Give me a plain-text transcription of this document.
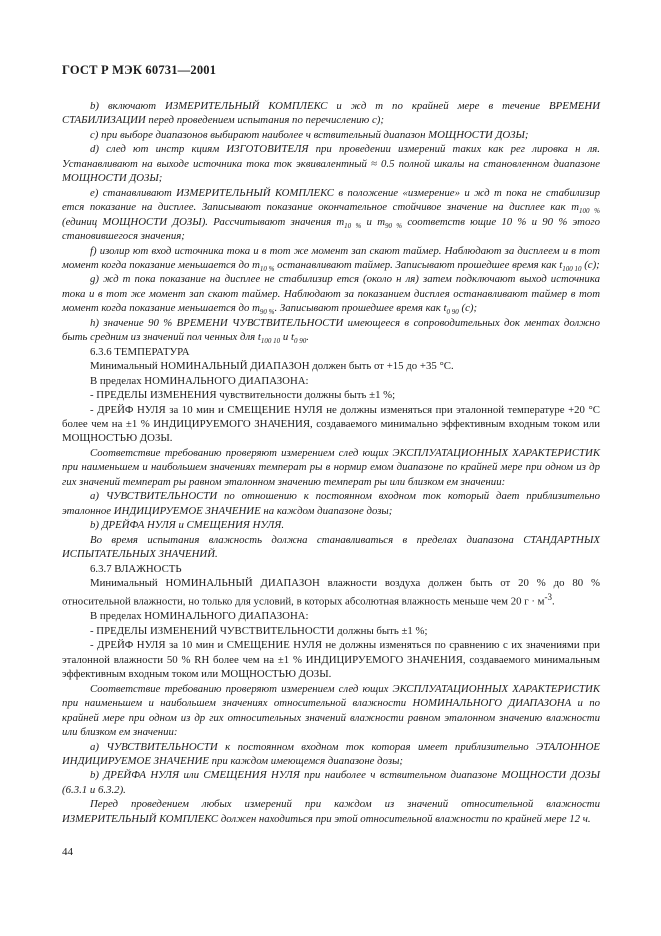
ГОСТ Р МЭК 60731—2001

b) включают ИЗМЕРИТЕЛЬНЫЙ КОМПЛЕКС и жд т по крайней мере в течение ВРЕМЕНИ СТАБИЛИЗАЦИИ перед проведением испытания по перечислению с);

c) при выборе диапазонов выбирают наиболее ч вствительный диапазон МОЩНОСТИ ДОЗЫ;

d) след ют инстр кциям ИЗГОТОВИТЕЛЯ при проведении измерений таких как рег лировка н ля. Устанавливают на выходе источника тока ток эквивалентный ≈ 0.5 полной шкалы на становленном диапазоне МОЩНОСТИ ДОЗЫ;

e) станавливают ИЗМЕРИТЕЛЬНЫЙ КОМПЛЕКС в положение «измерение» и жд т пока не стабилизир ется показание на дисплее. Записывают показание окончательное стойчивое значение на дисплее как $m_{100 \%}$ (единиц МОЩНОСТИ ДОЗЫ). Рассчитывают значения $m_{10 \%}$ и $m_{90 \%}$ соответств ющие 10 % и 90 % этого становившегося значения;

f) изолир ют вход источника тока и в тот же момент зап скают таймер. Наблюдают за дисплеем и в тот момент когда показание меньшается до $m_{10 \%}$ останавливают таймер. Записывают прошедшее время как $t_{100 10}$ (с);

g) жд т пока показание на дисплее не стабилизир ется (около н ля) затем подключают выход источника тока и в тот же момент зап скают таймер. Наблюдают за показанием дисплея останавливают таймер в тот момент когда показание меньшается до $m_{90 \%}$. Записывают прошедшее время как $t_{0 90}$ (с);

h) значение 90 % ВРЕМЕНИ ЧУВСТВИТЕЛЬНОСТИ имеющееся в сопроводительных док ментах должно быть средним из значений пол ченных для $t_{100 10}$ и $t_{0 90}$.

6.3.6 ТЕМПЕРАТУРА

Минимальный НОМИНАЛЬНЫЙ ДИАПАЗОН должен быть от +15 до +35 °С.

В пределах НОМИНАЛЬНОГО ДИАПАЗОНА:

- ПРЕДЕЛЫ ИЗМЕНЕНИЯ чувствительности должны быть ±1 %;

- ДРЕЙФ НУЛЯ за 10 мин и СМЕЩЕНИЕ НУЛЯ не должны изменяться при эталонной температуре +20 °С более чем на ±1 % ИНДИЦИРУЕМОГО ЗНАЧЕНИЯ, создаваемого минимально эффективным входным током или МОЩНОСТЬЮ ДОЗЫ.

Соответствие требованию проверяют измерением след ющих ЭКСПЛУАТАЦИОННЫХ ХАРАКТЕРИСТИК при наименьшем и наибольшем значениях температ ры в нормир емом диапазоне по крайней мере при одном из др гих значений температ ры равном эталонном значению температ ры или близком ем значении:

a) ЧУВСТВИТЕЛЬНОСТИ по отношению к постоянном входном ток который дает приблизительно эталонное ИНДИЦИРУЕМОЕ ЗНАЧЕНИЕ на каждом диапазоне дозы;

b) ДРЕЙФА НУЛЯ и СМЕЩЕНИЯ НУЛЯ.

Во время испытания влажность должна станавливаться в пределах диапазона СТАНДАРТНЫХ ИСПЫТАТЕЛЬНЫХ ЗНАЧЕНИЙ.

6.3.7 ВЛАЖНОСТЬ

Минимальный НОМИНАЛЬНЫЙ ДИАПАЗОН влажности воздуха должен быть от 20 % до 80 % относительной влажности, но только для условий, в которых абсолютная влажность меньше чем 20 $г \cdot м^{-3}$.

В пределах НОМИНАЛЬНОГО ДИАПАЗОНА:

- ПРЕДЕЛЫ ИЗМЕНЕНИЙ ЧУВСТВИТЕЛЬНОСТИ должны быть ±1 %;

- ДРЕЙФ НУЛЯ за 10 мин и СМЕЩЕНИЕ НУЛЯ не должны изменяться по сравнению с их значениями при эталонной влажности 50 % RH более чем на ±1 % ИНДИЦИРУЕМОГО ЗНАЧЕНИЯ, создаваемого минимальным эффективным входным током или МОЩНОСТЬЮ ДОЗЫ.

Соответствие требованию проверяют измерением след ющих ЭКСПЛУАТАЦИОННЫХ ХАРАКТЕРИСТИК при наименьшем и наибольшем значениях относительной влажности НОМИНАЛЬНОГО ДИАПАЗОНА и по крайней мере при одном из др гих относительных значений влажности равном эталонном значению влажности или близком ем значении:

a) ЧУВСТВИТЕЛЬНОСТИ к постоянном входном ток которая имеет приблизительно ЭТАЛОННОЕ ИНДИЦИРУЕМОЕ ЗНАЧЕНИЕ при каждом имеющемся диапазоне дозы;

b) ДРЕЙФА НУЛЯ или СМЕЩЕНИЯ НУЛЯ при наиболее ч вствительном диапазоне МОЩНОСТИ ДОЗЫ (6.3.1 и 6.3.2).

Перед проведением любых измерений при каждом из значений относительной влажности ИЗМЕРИТЕЛЬНЫЙ КОМПЛЕКС должен находиться при этой относительной влажности по крайней мере 12 ч.

44
